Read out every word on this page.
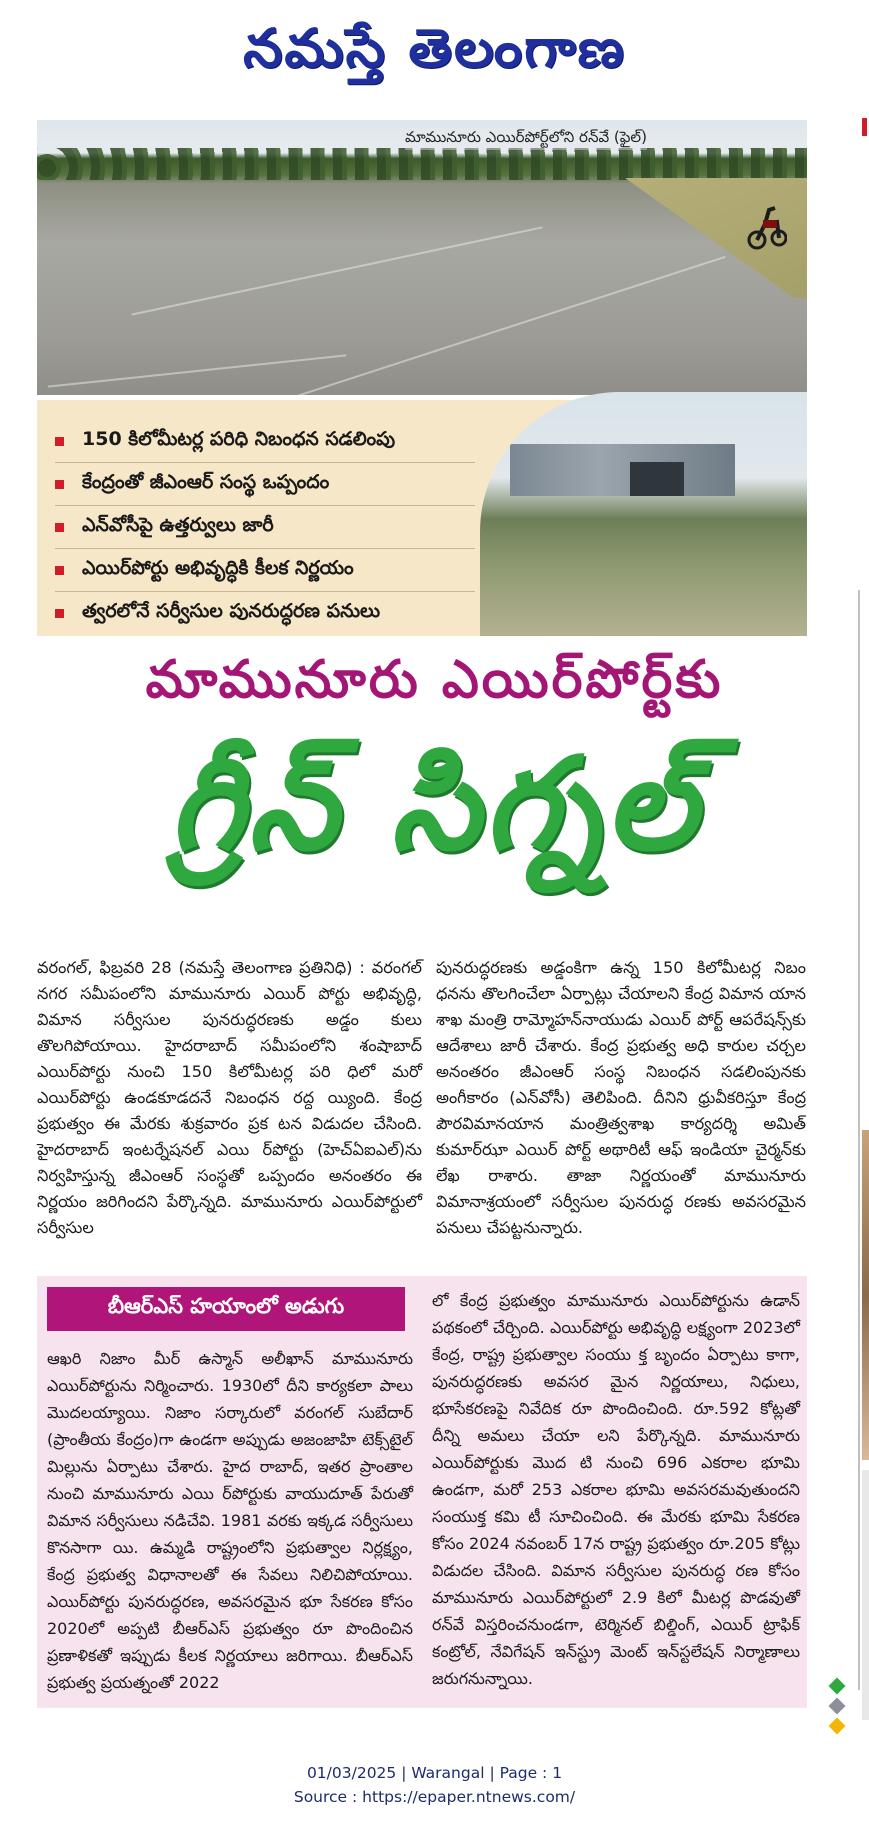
నమస్తే తెలంగాణ
మామునూరు ఎయిర్‌పోర్ట్‌లోని రన్‌వే (ఫైల్)
150 కిలోమీటర్ల పరిధి నిబంధన సడలింపు
కేంద్రంతో జీఎంఆర్ సంస్థ ఒప్పందం
ఎన్‌వోసీపై ఉత్తర్వులు జారీ
ఎయిర్‌పోర్టు అభివృద్ధికి కీలక నిర్ణయం
త్వరలోనే సర్వీసుల పునరుద్ధరణ పనులు
మామునూరు ఎయిర్‌పోర్ట్‌కు
గ్రీన్ సిగ్నల్
వరంగల్, ఫిబ్రవరి 28 (నమస్తే తెలంగాణ ప్రతినిధి) : వరంగల్ నగర సమీపంలోని మామునూరు ఎయిర్ పోర్టు అభివృద్ధి, విమాన సర్వీసుల పునరుద్ధరణకు అడ్డం కులు తొలగిపోయాయి. హైదరాబాద్ సమీపంలోని శంషాబాద్ ఎయిర్‌పోర్టు నుంచి 150 కిలోమీటర్ల పరి ధిలో మరో ఎయిర్‌పోర్టు ఉండకూడదనే నిబంధన రద్ద య్యింది. కేంద్ర ప్రభుత్వం ఈ మేరకు శుక్రవారం ప్రక టన విడుదల చేసింది. హైదరాబాద్ ఇంటర్నేషనల్ ఎయి ర్‌పోర్టు (హెచ్ఏఐఎల్)ను నిర్వహిస్తున్న జీఎంఆర్ సంస్థతో ఒప్పందం అనంతరం ఈ నిర్ణయం జరిగిందని పేర్కొన్నది. మామునూరు ఎయిర్‌పోర్టులో సర్వీసుల
పునరుద్ధరణకు అడ్డంకిగా ఉన్న 150 కిలోమీటర్ల నిబం ధనను తొలగించేలా ఏర్పాట్లు చేయాలని కేంద్ర విమాన యాన శాఖ మంత్రి రామ్మోహన్‌నాయుడు ఎయిర్ పోర్ట్ ఆపరేషన్స్‌కు ఆదేశాలు జారీ చేశారు. కేంద్ర ప్రభుత్వ అధి కారుల చర్చల అనంతరం జీఎంఆర్ సంస్థ నిబంధన సడలింపునకు అంగీకారం (ఎన్‌వోసీ) తెలిపింది. దీనిని ధ్రువీకరిస్తూ కేంద్ర పౌరవిమానయాన మంత్రిత్వశాఖ కార్యదర్శి అమిత్ కుమార్‌ఝా ఎయిర్ పోర్ట్ అథారిటీ ఆఫ్ ఇండియా చైర్మన్‌కు లేఖ రాశారు. తాజా నిర్ణయంతో మామునూరు విమానాశ్రయంలో సర్వీసుల పునరుద్ధ రణకు అవసరమైన పనులు చేపట్టనున్నారు.
బీఆర్‌ఎస్ హయాంలో అడుగు
ఆఖరి నిజాం మీర్ ఉస్మాన్ అలీఖాన్ మామునూరు ఎయిర్‌పోర్టును నిర్మించారు. 1930లో దీని కార్యకలా పాలు మొదలయ్యాయి. నిజాం సర్కారులో వరంగల్ సుబేదార్ (ప్రాంతీయ కేంద్రం)గా ఉండగా అప్పుడు అజంజాహి టెక్స్‌టైల్ మిల్లును ఏర్పాటు చేశారు. హైద రాబాద్, ఇతర ప్రాంతాల నుంచి మామునూరు ఎయి ర్‌పోర్టుకు వాయుదూత్ పేరుతో విమాన సర్వీసులు నడిచేవి. 1981 వరకు ఇక్కడ సర్వీసులు కొనసాగా యి. ఉమ్మడి రాష్ట్రంలోని ప్రభుత్వాల నిర్లక్ష్యం, కేంద్ర ప్రభుత్వ విధానాలతో ఈ సేవలు నిలిచిపోయాయి. ఎయిర్‌పోర్టు పునరుద్ధరణ, అవసరమైన భూ సేకరణ కోసం 2020లో అప్పటి బీఆర్‌ఎస్ ప్రభుత్వం రూ పొందించిన ప్రణాళికతో ఇప్పుడు కీలక నిర్ణయాలు జరిగాయి. బీఆర్‌ఎస్ ప్రభుత్వ ప్రయత్నంతో 2022
లో కేంద్ర ప్రభుత్వం మామునూరు ఎయిర్‌పోర్టును ఉడాన్ పథకంలో చేర్చింది. ఎయిర్‌పోర్టు అభివృద్ధి లక్ష్యంగా 2023లో కేంద్ర, రాష్ట్ర ప్రభుత్వాల సంయు క్త బృందం ఏర్పాటు కాగా, పునరుద్ధరణకు అవసర మైన నిర్ణయాలు, నిధులు, భూసేకరణపై నివేదిక రూ పొందించింది. రూ.592 కోట్లతో దీన్ని అమలు చేయా లని పేర్కొన్నది. మామునూరు ఎయిర్‌పోర్టుకు మొద టి నుంచి 696 ఎకరాల భూమి ఉండగా, మరో 253 ఎకరాల భూమి అవసరమవుతుందని సంయుక్త కమి టీ సూచించింది. ఈ మేరకు భూమి సేకరణ కోసం 2024 నవంబర్ 17న రాష్ట్ర ప్రభుత్వం రూ.205 కోట్లు విడుదల చేసింది. విమాన సర్వీసుల పునరుద్ధ రణ కోసం మామునూరు ఎయిర్‌పోర్టులో 2.9 కిలో మీటర్ల పొడవుతో రన్‌వే విస్తరించనుండగా, టెర్మినల్ బిల్డింగ్, ఎయిర్ ట్రాఫిక్ కంట్రోల్, నేవిగేషన్ ఇన్‌స్ట్రు మెంట్ ఇన్‌స్టలేషన్ నిర్మాణాలు జరుగనున్నాయి.
01/03/2025 | Warangal | Page : 1
Source : https://epaper.ntnews.com/
